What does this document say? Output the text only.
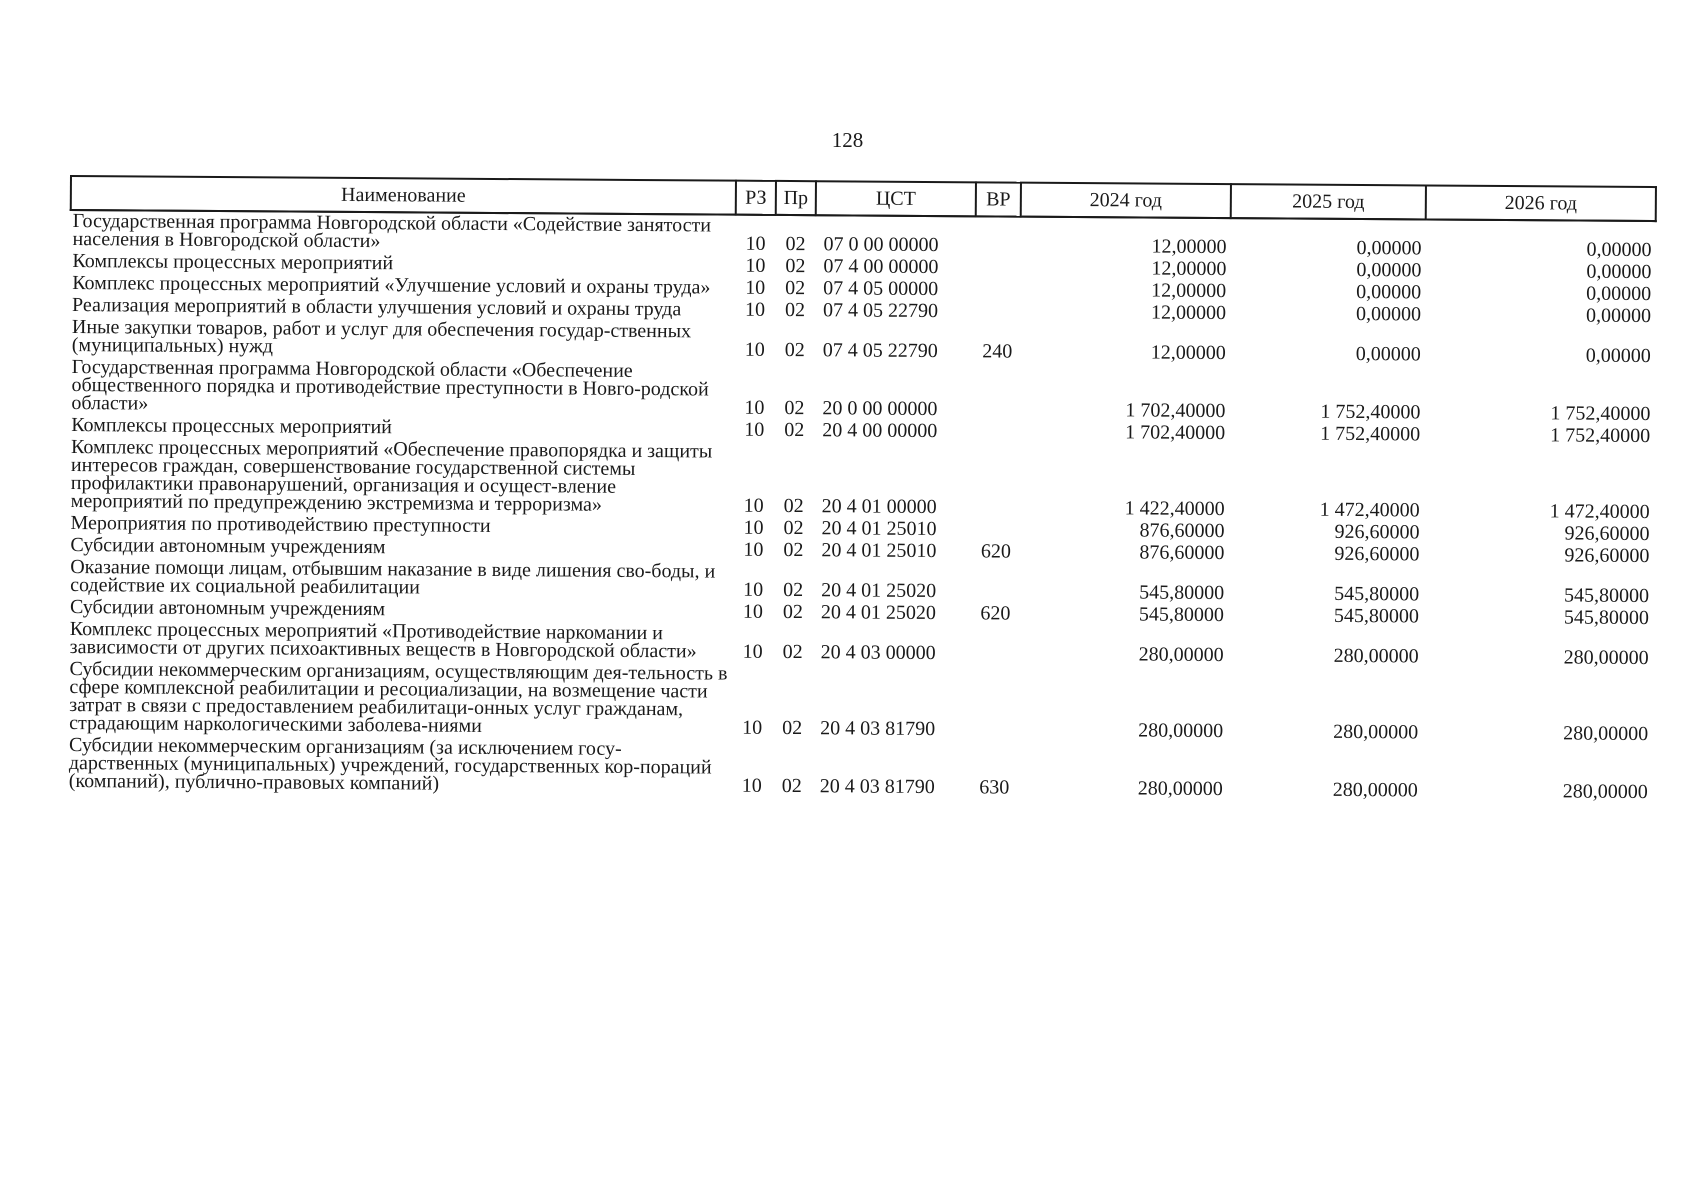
128
Наименование	РЗ	Пр	ЦСТ	ВР	2024 год	2025 год	2026 год
Государственная программа Новгородской области «Содействие занятости населения в Новгородской области»	10	02	07 0 00 00000		12,00000	0,00000	0,00000
Комплексы процессных мероприятий	10	02	07 4 00 00000		12,00000	0,00000	0,00000
Комплекс процессных мероприятий «Улучшение условий и охраны труда»	10	02	07 4 05 00000		12,00000	0,00000	0,00000
Реализация мероприятий в области улучшения условий и охраны труда	10	02	07 4 05 22790		12,00000	0,00000	0,00000
Иные закупки товаров, работ и услуг для обеспечения государ-ственных (муниципальных) нужд	10	02	07 4 05 22790	240	12,00000	0,00000	0,00000
Государственная программа Новгородской области «Обеспечение общественного порядка и противодействие преступности в Новго-родской области»	10	02	20 0 00 00000		1 702,40000	1 752,40000	1 752,40000
Комплексы процессных мероприятий	10	02	20 4 00 00000		1 702,40000	1 752,40000	1 752,40000
Комплекс процессных мероприятий «Обеспечение правопорядка и защиты интересов граждан, совершенствование государственной системы профилактики правонарушений, организация и осущест-вление мероприятий по предупреждению экстремизма и терроризма»	10	02	20 4 01 00000		1 422,40000	1 472,40000	1 472,40000
Мероприятия по противодействию преступности	10	02	20 4 01 25010		876,60000	926,60000	926,60000
Субсидии автономным учреждениям	10	02	20 4 01 25010	620	876,60000	926,60000	926,60000
Оказание помощи лицам, отбывшим наказание в виде лишения сво-боды, и содействие их социальной реабилитации	10	02	20 4 01 25020		545,80000	545,80000	545,80000
Субсидии автономным учреждениям	10	02	20 4 01 25020	620	545,80000	545,80000	545,80000
Комплекс процессных мероприятий «Противодействие наркомании и зависимости от других психоактивных веществ в Новгородской области»	10	02	20 4 03 00000		280,00000	280,00000	280,00000
Субсидии некоммерческим организациям, осуществляющим дея-тельность в сфере комплексной реабилитации и ресоциализации, на возмещение части затрат в связи с предоставлением реабилитаци-онных услуг гражданам, страдающим наркологическими заболева-ниями	10	02	20 4 03 81790		280,00000	280,00000	280,00000
Субсидии некоммерческим организациям (за исключением госу-дарственных (муниципальных) учреждений, государственных кор-пораций (компаний), публично-правовых компаний)	10	02	20 4 03 81790	630	280,00000	280,00000	280,00000
